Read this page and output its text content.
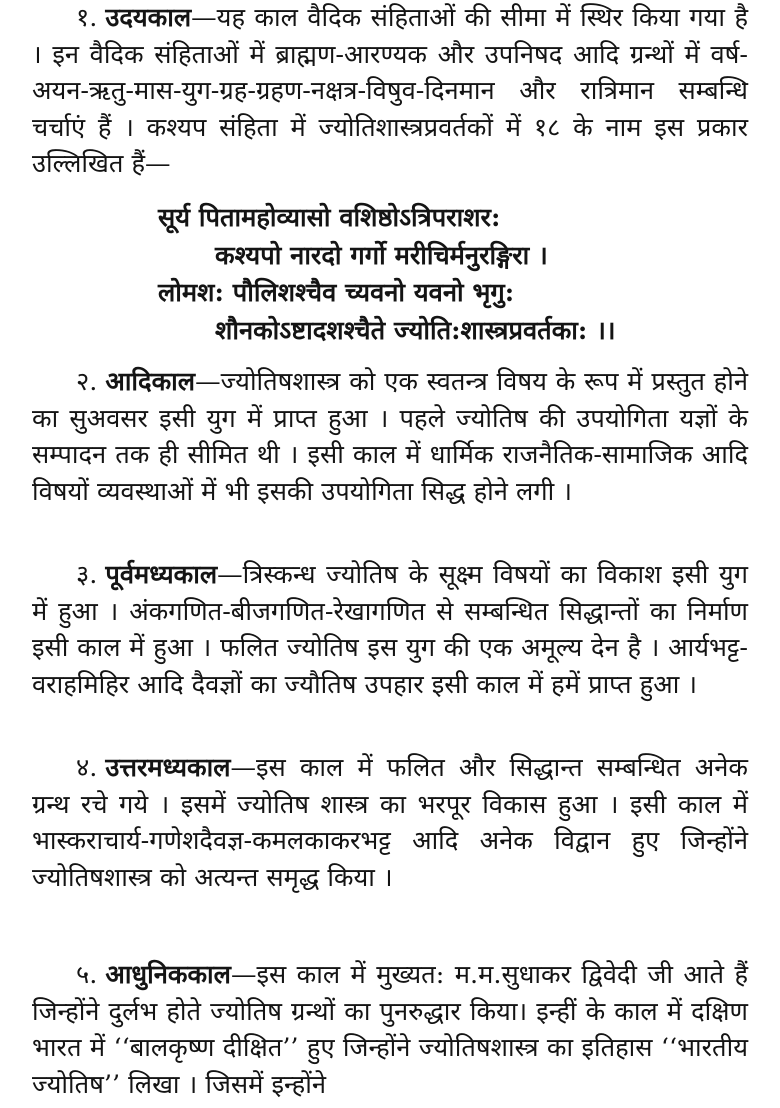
१. उदयकाल—यह काल वैदिक संहिताओं की सीमा में स्थिर किया गया है । इन वैदिक संहिताओं में ब्राह्मण-आरण्यक और उपनिषद आदि ग्रन्थों में वर्ष-अयन-ऋतु-मास-युग-ग्रह-ग्रहण-नक्षत्र-विषुव-दिनमान और रात्रिमान सम्बन्धि चर्चाएं हैं । कश्यप संहिता में ज्योतिशास्त्रप्रवर्तकों में १८ के नाम इस प्रकार उल्लिखित हैं—

सूर्य पितामहोव्यासो वशिष्ठोऽत्रिपराशर:
कश्यपो नारदो गर्गो मरीचिर्मनुरङ्गिरा ।
लोमश: पौलिशश्चैव च्यवनो यवनो भृगु:
शौनकोऽष्टादशश्चैते ज्योति:शास्त्रप्रवर्तका: ।।

२. आदिकाल—ज्योतिषशास्त्र को एक स्वतन्त्र विषय के रूप में प्रस्तुत होने का सुअवसर इसी युग में प्राप्त हुआ । पहले ज्योतिष की उपयोगिता यज्ञों के सम्पादन तक ही सीमित थी । इसी काल में धार्मिक राजनैतिक-सामाजिक आदि विषयों व्यवस्थाओं में भी इसकी उपयोगिता सिद्ध होने लगी ।

३. पूर्वमध्यकाल—त्रिस्कन्ध ज्योतिष के सूक्ष्म विषयों का विकाश इसी युग में हुआ । अंकगणित-बीजगणित-रेखागणित से सम्बन्धित सिद्धान्तों का निर्माण इसी काल में हुआ । फलित ज्योतिष इस युग की एक अमूल्य देन है । आर्यभट्ट-वराहमिहिर आदि दैवज्ञों का ज्यौतिष उपहार इसी काल में हमें प्राप्त हुआ ।

४. उत्तरमध्यकाल—इस काल में फलित और सिद्धान्त सम्बन्धित अनेक ग्रन्थ रचे गये । इसमें ज्योतिष शास्त्र का भरपूर विकास हुआ । इसी काल में भास्कराचार्य-गणेशदैवज्ञ-कमलकाकरभट्ट आदि अनेक विद्वान हुए जिन्होंने ज्योतिषशास्त्र को अत्यन्त समृद्ध किया ।

५. आधुनिककाल—इस काल में मुख्यत: म.म.सुधाकर द्विवेदी जी आते हैं जिन्होंने दुर्लभ होते ज्योतिष ग्रन्थों का पुनरुद्धार किया। इन्हीं के काल में दक्षिण भारत में ‘‘बालकृष्ण दीक्षित’’ हुए जिन्होंने ज्योतिषशास्त्र का इतिहास ‘‘भारतीय ज्योतिष’’ लिखा । जिसमें इन्होंने
